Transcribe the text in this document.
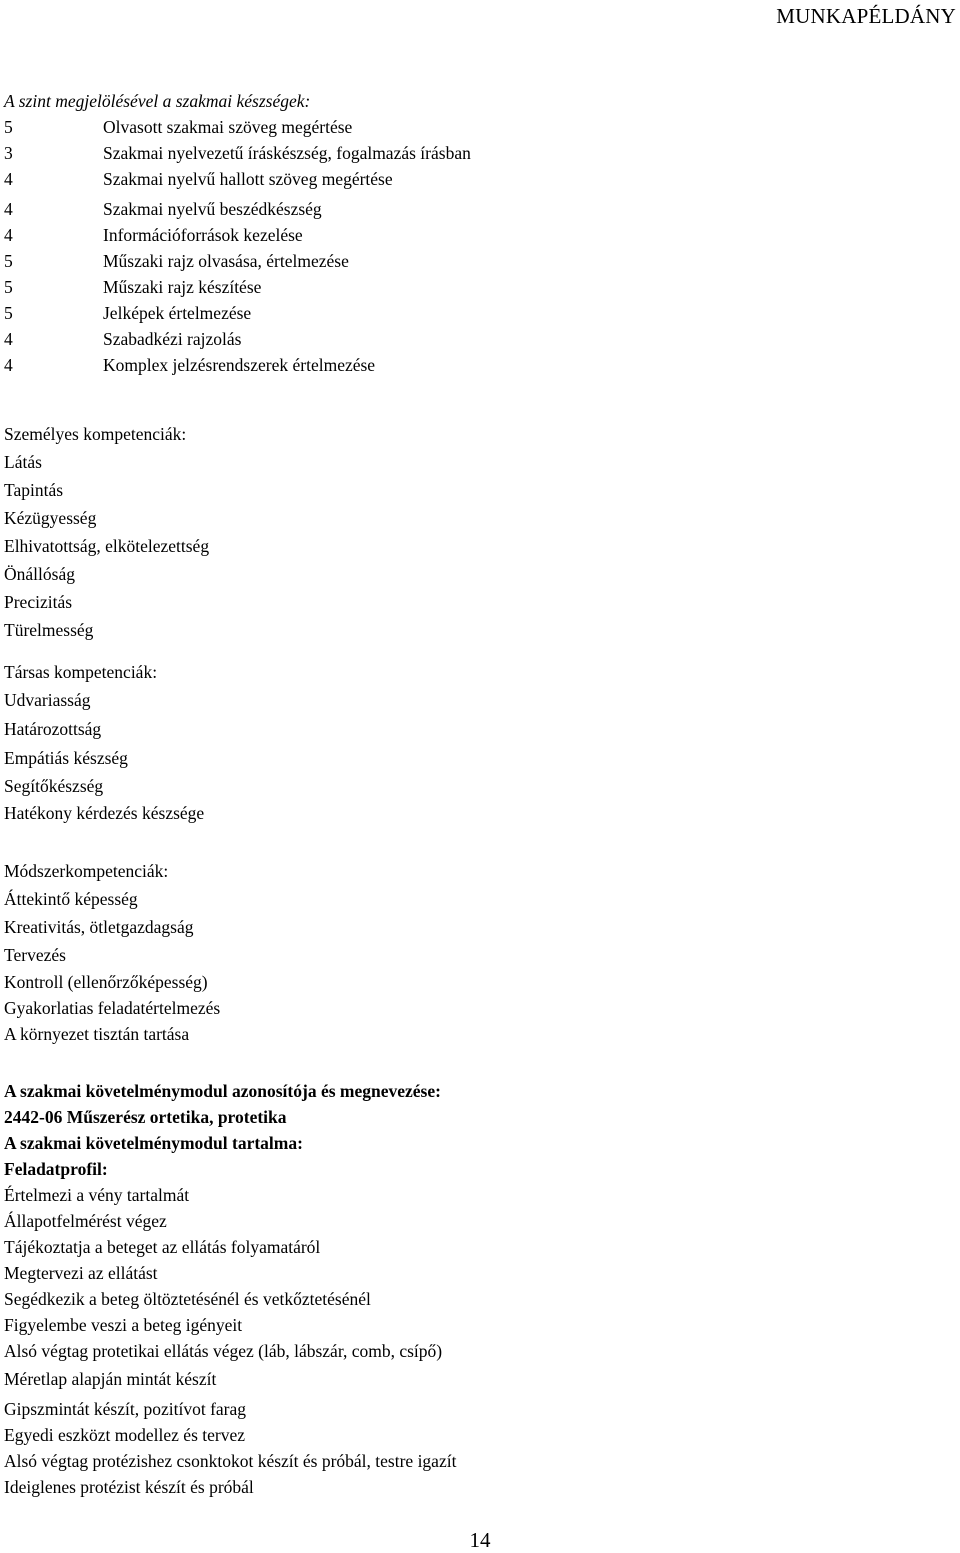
MUNKAPÉLDÁNY
A szint megjelölésével a szakmai készségek:
5	Olvasott szakmai szöveg megértése
3	Szakmai nyelvezetű íráskészség, fogalmazás írásban
4	Szakmai nyelvű hallott szöveg megértése
4	Szakmai nyelvű beszédkészség
4	Információforrások kezelése
5	Műszaki rajz olvasása, értelmezése
5	Műszaki rajz készítése
5	Jelképek értelmezése
4	Szabadkézi rajzolás
4	Komplex jelzésrendszerek értelmezése
Személyes kompetenciák:
Látás
Tapintás
Kézügyesség
Elhivatottság, elkötelezettség
Önállóság
Precizitás
Türelmesség
Társas kompetenciák:
Udvariasság
Határozottság
Empátiás készség
Segítőkészség
Hatékony kérdezés készsége
Módszerkompetenciák:
Áttekintő képesség
Kreativitás, ötletgazdagság
Tervezés
Kontroll (ellenőrzőképesség)
Gyakorlatias feladatértelmezés
A környezet tisztán tartása
A szakmai követelménymodul azonosítója és megnevezése:
2442-06 Műszerész ortetika, protetika
A szakmai követelménymodul tartalma:
Feladatprofil:
Értelmezi a vény tartalmát
Állapotfelmérést végez
Tájékoztatja a beteget az ellátás folyamatáról
Megtervezi az ellátást
Segédkezik a beteg öltöztetésénél és vetkőztetésénél
Figyelembe veszi a beteg igényeit
Alsó végtag protetikai ellátás végez (láb, lábszár, comb, csípő)
Méretlap alapján mintát készít
Gipszmintát készít, pozitívot farag
Egyedi eszközt modellez és tervez
Alsó végtag protézishez csonktokot készít és próbál, testre igazít
Ideiglenes protézist készít és próbál
14
